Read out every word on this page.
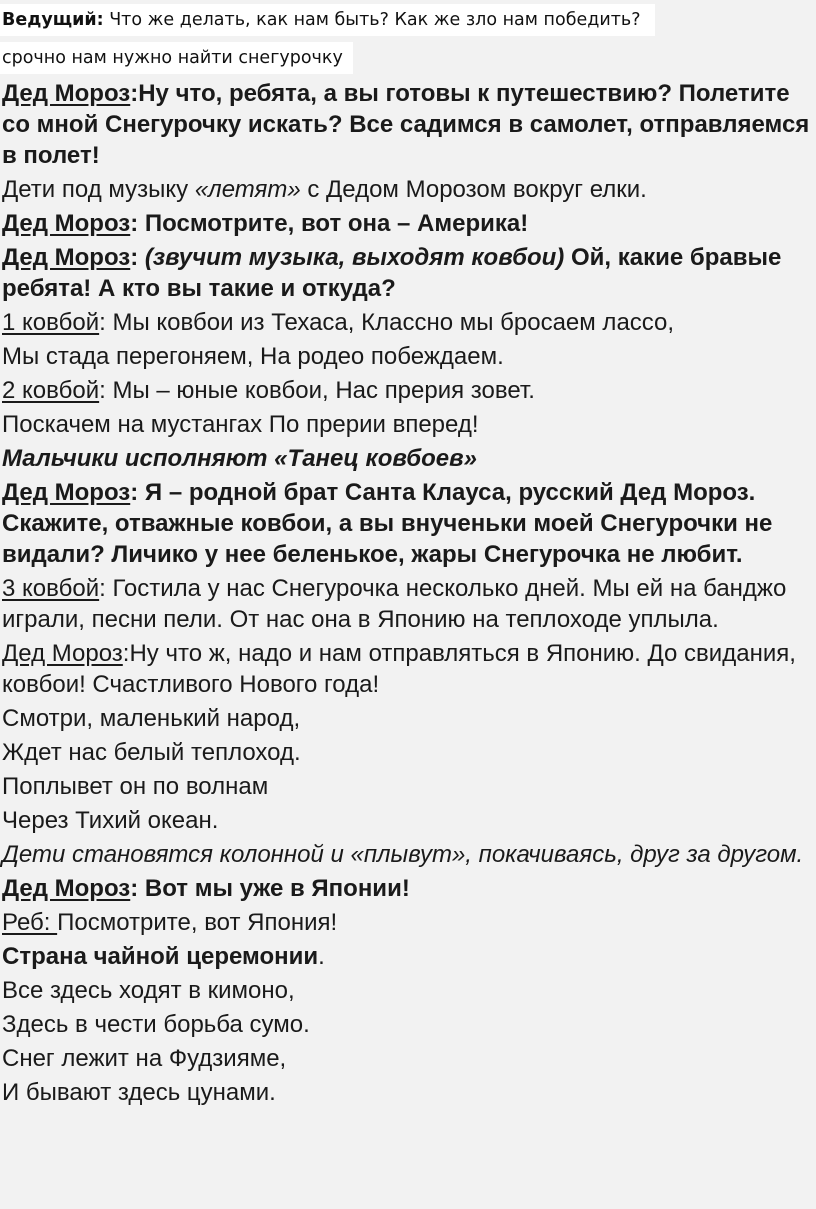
Ведущий: Что же делать, как нам быть? Как же зло нам победить?
срочно нам нужно найти снегурочку

Дед Мороз:Ну что, ребята, а вы готовы к путешествию? Полетите со мной Снегурочку искать? Все садимся в самолет, отправляемся в полет!

Дети под музыку «летят» с Дедом Морозом вокруг елки.

Дед Мороз: Посмотрите, вот она – Америка!

Дед Мороз: (звучит музыка, выходят ковбои) Ой, какие бравые ребята! А кто вы такие и откуда?

1 ковбой: Мы ковбои из Техаса, Классно мы бросаем лассо,

Мы стада перегоняем, На родео побеждаем.

2 ковбой: Мы – юные ковбои, Нас прерия зовет.

Поскачем на мустангах По прерии вперед!

Мальчики исполняют «Танец ковбоев»

Дед Мороз: Я – родной брат Санта Клауса, русский Дед Мороз. Скажите, отважные ковбои, а вы внученьки моей Снегурочки не видали? Личико у нее беленькое, жары Снегурочка не любит.

3 ковбой: Гостила у нас Снегурочка несколько дней. Мы ей на банджо играли, песни пели. От нас она в Японию на теплоходе уплыла.

Дед Мороз:Ну что ж, надо и нам отправляться в Японию. До свидания, ковбои! Счастливого Нового года!

Смотри, маленький народ,

Ждет нас белый теплоход.

Поплывет он по волнам

Через Тихий океан.

Дети становятся колонной и «плывут», покачиваясь, друг за другом.

Дед Мороз: Вот мы уже в Японии!

Реб: Посмотрите, вот Япония!

Страна чайной церемонии.

Все здесь ходят в кимоно,

Здесь в чести борьба сумо.

Снег лежит на Фудзияме,

И бывают здесь цунами.
